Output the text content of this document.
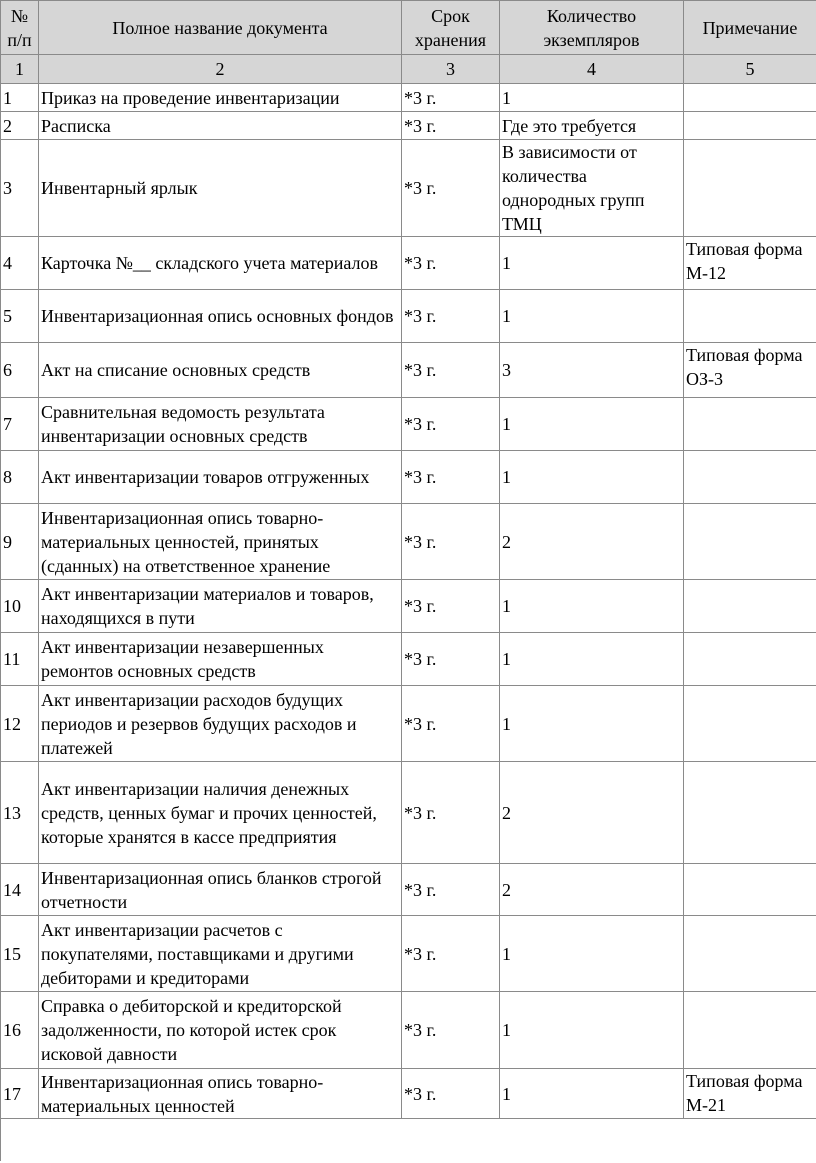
№ п/п	Полное название документа	Срок хранения	Количество экземпляров	Примечание
1	2	3	4	5
1	Приказ на проведение инвентаризации	*3 г.	1	
2	Расписка	*3 г.	Где это требуется	
3	Инвентарный ярлык	*3 г.	В зависимости от количества однородных групп ТМЦ	
4	Карточка №__ складского учета материалов	*3 г.	1	Типовая форма М-12
5	Инвентаризационная опись основных фондов	*3 г.	1	
6	Акт на списание основных средств	*3 г.	3	Типовая форма ОЗ-3
7	Сравнительная ведомость результата инвентаризации основных средств	*3 г.	1	
8	Акт инвентаризации товаров отгруженных	*3 г.	1	
9	Инвентаризационная опись товарно-материальных ценностей, принятых (сданных) на ответственное хранение	*3 г.	2	
10	Акт инвентаризации материалов и товаров, находящихся в пути	*3 г.	1	
11	Акт инвентаризации незавершенных ремонтов основных средств	*3 г.	1	
12	Акт инвентаризации расходов будущих периодов и резервов будущих расходов и платежей	*3 г.	1	
13	Акт инвентаризации наличия денежных средств, ценных бумаг и прочих ценностей, которые хранятся в кассе предприятия	*3 г.	2	
14	Инвентаризационная опись бланков строгой отчетности	*3 г.	2	
15	Акт инвентаризации расчетов с покупателями, поставщиками и другими дебиторами и кредиторами	*3 г.	1	
16	Справка о дебиторской и кредиторской задолженности, по которой истек срок исковой давности	*3 г.	1	
17	Инвентаризационная опись товарно-материальных ценностей	*3 г.	1	Типовая форма М-21
